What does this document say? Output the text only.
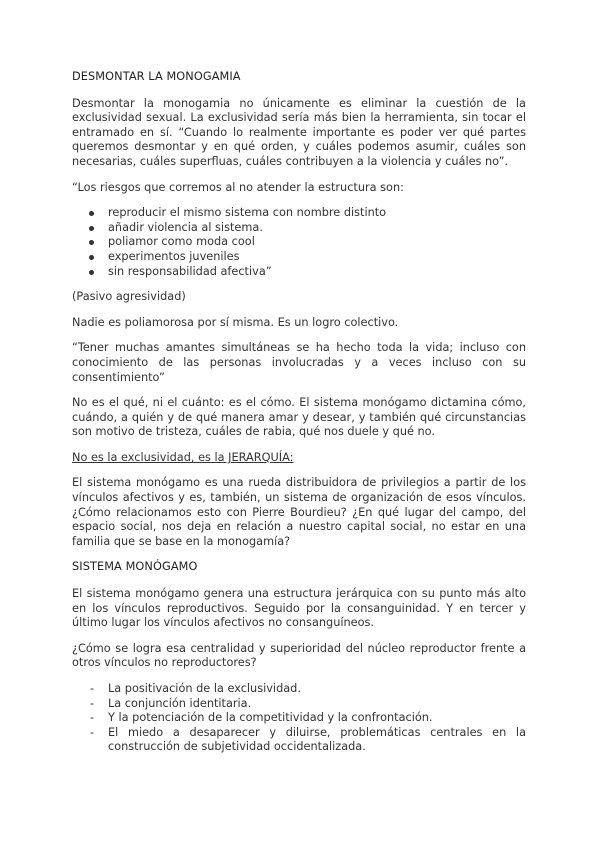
DESMONTAR LA MONOGAMIA

Desmontar la monogamia no únicamente es eliminar la cuestión de la exclusividad sexual. La exclusividad sería más bien la herramienta, sin tocar el entramado en sí. “Cuando lo realmente importante es poder ver qué partes queremos desmontar y en qué orden, y cuáles podemos asumir, cuáles son necesarias, cuáles superfluas, cuáles contribuyen a la violencia y cuáles no”.

“Los riesgos que corremos al no atender la estructura son:

reproducir el mismo sistema con nombre distinto
añadir violencia al sistema.
poliamor como moda cool
experimentos juveniles
sin responsabilidad afectiva”

(Pasivo agresividad)

Nadie es poliamorosa por sí misma. Es un logro colectivo.

“Tener muchas amantes simultáneas se ha hecho toda la vida; incluso con conocimiento de las personas involucradas y a veces incluso con su consentimiento”

No es el qué, ni el cuánto: es el cómo. El sistema monógamo dictamina cómo, cuándo, a quién y de qué manera amar y desear, y también qué circunstancias son motivo de tristeza, cuáles de rabia, qué nos duele y qué no.

No es la exclusividad, es la JERARQUÍA:

El sistema monógamo es una rueda distribuidora de privilegios a partir de los vínculos afectivos y es, también, un sistema de organización de esos vínculos. ¿Cómo relacionamos esto con Pierre Bourdieu? ¿En qué lugar del campo, del espacio social, nos deja en relación a nuestro capital social, no estar en una familia que se base en la monogamía?

SISTEMA MONÓGAMO

El sistema monógamo genera una estructura jerárquica con su punto más alto en los vínculos reproductivos. Seguido por la consanguinidad. Y en tercer y último lugar los vínculos afectivos no consanguíneos.

¿Cómo se logra esa centralidad y superioridad del núcleo reproductor frente a otros vínculos no reproductores?

- La positivación de la exclusividad.
- La conjunción identitaria.
- Y la potenciación de la competitividad y la confrontación.
- El miedo a desaparecer y diluirse, problemáticas centrales en la construcción de subjetividad occidentalizada.
